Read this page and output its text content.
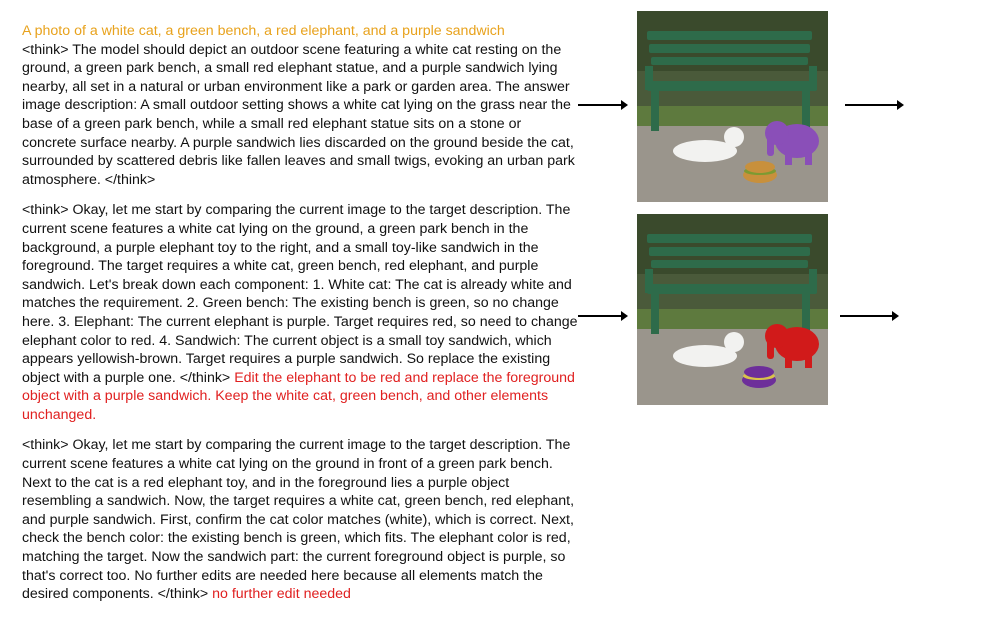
A photo of a white cat, a green bench, a red elephant, and a purple sandwich
<think> The model should depict an outdoor scene featuring a white cat resting on the ground, a green park bench, a small red elephant statue, and a purple sandwich lying nearby, all set in a natural or urban environment like a park or garden area. The answer image description: A small outdoor setting shows a white cat lying on the grass near the base of a green park bench, while a small red elephant statue sits on a stone or concrete surface nearby. A purple sandwich lies discarded on the ground beside the cat, surrounded by scattered debris like fallen leaves and small twigs, evoking an urban park atmosphere. </think>

<think> Okay, let me start by comparing the current image to the target description. The current scene features a white cat lying on the ground, a green park bench in the background, a purple elephant toy to the right, and a small toy-like sandwich in the foreground. The target requires a white cat, green bench, red elephant, and purple sandwich. Let's break down each component: 1. White cat: The cat is already white and matches the requirement. 2. Green bench: The existing bench is green, so no change here. 3. Elephant: The current elephant is purple. Target requires red, so need to change elephant color to red. 4. Sandwich: The current object is a small toy sandwich, which appears yellowish-brown. Target requires a purple sandwich. So replace the existing object with a purple one. </think> Edit the elephant to be red and replace the foreground object with a purple sandwich. Keep the white cat, green bench, and other elements unchanged.

<think> Okay, let me start by comparing the current image to the target description. The current scene features a white cat lying on the ground in front of a green park bench. Next to the cat is a red elephant toy, and in the foreground lies a purple object resembling a sandwich. Now, the target requires a white cat, green bench, red elephant, and purple sandwich. First, confirm the cat color matches (white), which is correct. Next, check the bench color: the existing bench is green, which fits. The elephant color is red, matching the target. Now the sandwich part: the current foreground object is purple, so that's correct too. No further edits are needed here because all elements match the desired components. </think> no further edit needed
